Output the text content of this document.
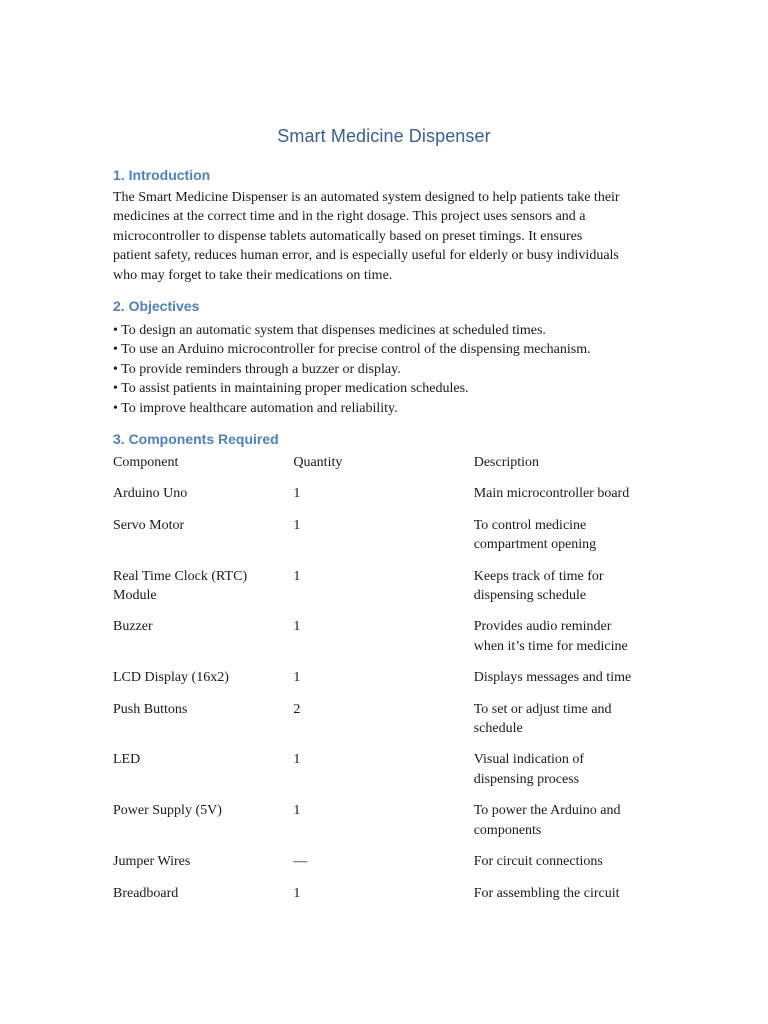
Smart Medicine Dispenser
1. Introduction

The Smart Medicine Dispenser is an automated system designed to help patients take their

medicines at the correct time and in the right dosage. This project uses sensors and a

microcontroller to dispense tablets automatically based on preset timings. It ensures

patient safety, reduces human error, and is especially useful for elderly or busy individuals

who may forget to take their medications on time.

2. Objectives
• To design an automatic system that dispenses medicines at scheduled times.
• To use an Arduino microcontroller for precise control of the dispensing mechanism.
• To provide reminders through a buzzer or display.
• To assist patients in maintaining proper medication schedules.
• To improve healthcare automation and reliability.
3. Components Required
Component	Quantity	Description
Arduino Uno	1	Main microcontroller board
Servo Motor	1	To control medicine
compartment opening
Real Time Clock (RTC)
Module
1	Keeps track of time for
dispensing schedule
Buzzer	1	Provides audio reminder
when it’s time for medicine
LCD Display (16x2)	1	Displays messages and time
Push Buttons	2	To set or adjust time and
schedule
LED	1	Visual indication of
dispensing process
Power Supply (5V)	1	To power the Arduino and
components
Jumper Wires	—	For circuit connections
Breadboard	1	For assembling the circuit
